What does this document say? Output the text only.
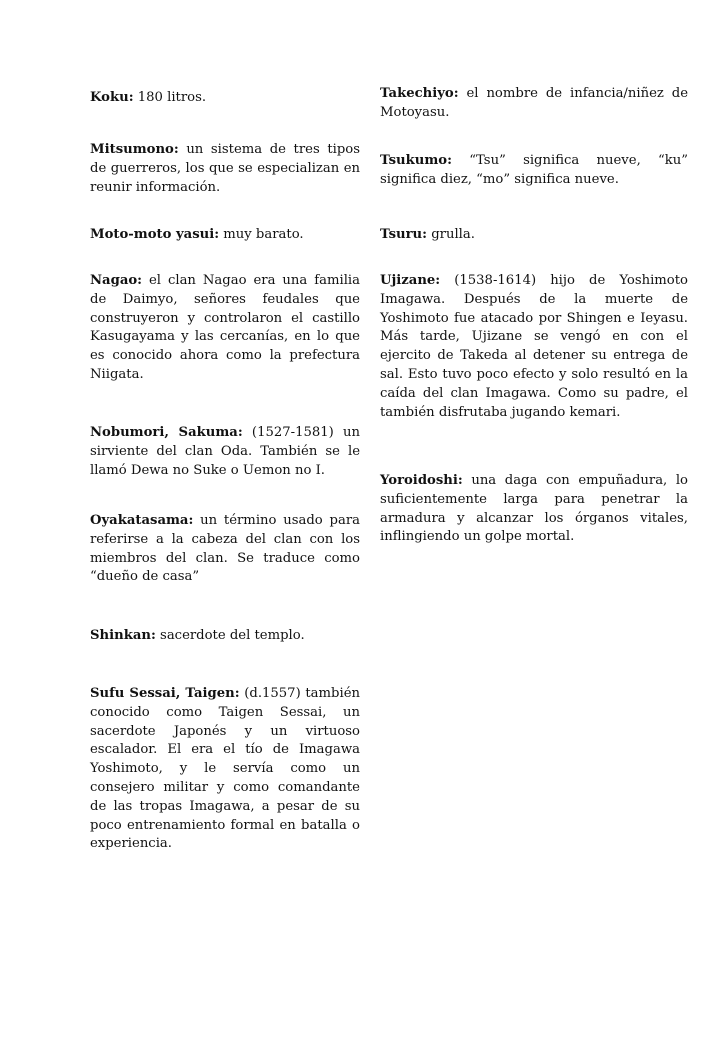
Koku: 180 litros.

Mitsumono: un sistema de tres tipos de guerreros, los que se especializan en reunir información.

Moto-moto yasui: muy barato.

Nagao: el clan Nagao era una familia de Daimyo, señores feudales que construyeron y controlaron el castillo Kasugayama y las cercanías, en lo que es conocido ahora como la prefectura Niigata.

Nobumori, Sakuma: (1527-1581) un sirviente del clan Oda. También se le llamó Dewa no Suke o Uemon no I.

Oyakatasama: un término usado para referirse a la cabeza del clan con los miembros del clan. Se traduce como “dueño de casa”

Shinkan: sacerdote del templo.

Sufu Sessai, Taigen: (d.1557) también conocido como Taigen Sessai, un sacerdote Japonés y un virtuoso escalador. El era el tío de Imagawa Yoshimoto, y le servía como un consejero militar y como comandante de las tropas Imagawa, a pesar de su poco entrenamiento formal en batalla o experiencia.

Takechiyo: el nombre de infancia/niñez de Motoyasu.

Tsukumo: “Tsu” significa nueve, “ku” significa diez, “mo” significa nueve.

Tsuru: grulla.

Ujizane: (1538-1614) hijo de Yoshimoto Imagawa. Después de la muerte de Yoshimoto fue atacado por Shingen e Ieyasu. Más tarde, Ujizane se vengó en con el ejercito de Takeda al detener su entrega de sal. Esto tuvo poco efecto y solo resultó en la caída del clan Imagawa. Como su padre, el también disfrutaba jugando kemari.

Yoroidoshi: una daga con empuñadura, lo suficientemente larga para penetrar la armadura y alcanzar los órganos vitales, inflingiendo un golpe mortal.
